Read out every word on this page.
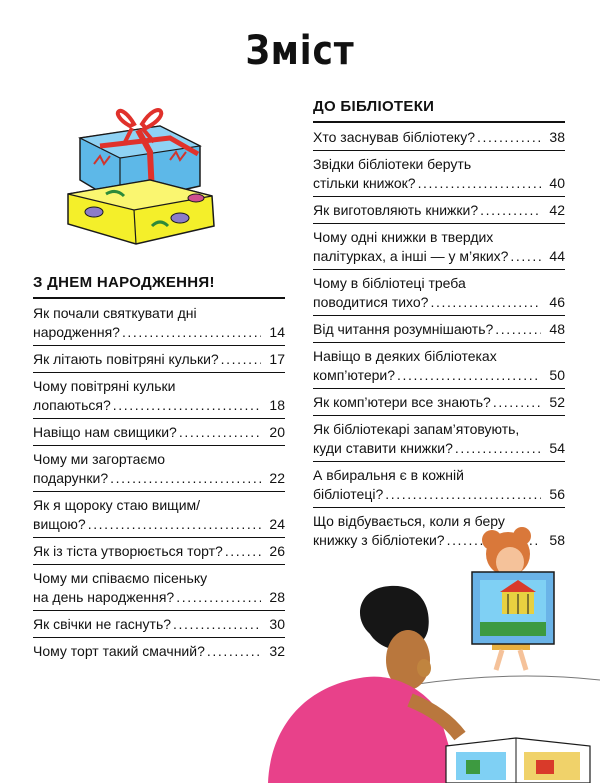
Зміст
З ДНЕМ НАРОДЖЕННЯ!
Як почали святкувати дні
народження? .....	14
Як літають повітряні кульки? .....	17
Чому повітряні кульки
лопаються? .....	18
Навіщо нам свищики? .....	20
Чому ми загортаємо
подарунки? .....	22
Як я щороку стаю вищим/
вищою? .....	24
Як із тіста утворюється торт? .....	26
Чому ми співаємо пісеньку
на день народження? .....	28
Як свічки не гаснуть? .....	30
Чому торт такий смачний? .....	32
ДО БІБЛІОТЕКИ
Хто заснував бібліотеку? .....	38
Звідки бібліотеки беруть
стільки книжок? .....	40
Як виготовляють книжки? .....	42
Чому одні книжки в твердих
палітурках, а інші — у м’яких? .....	44
Чому в бібліотеці треба
поводитися тихо? .....	46
Від читання розумнішають? .....	48
Навіщо в деяких бібліотеках
комп’ютери? .....	50
Як комп’ютери все знають? .....	52
Як бібліотекарі запам’ятовують,
куди ставити книжки? .....	54
А вбиральня є в кожній
бібліотеці? .....	56
Що відбувається, коли я беру
книжку з бібліотеки? .....	58
